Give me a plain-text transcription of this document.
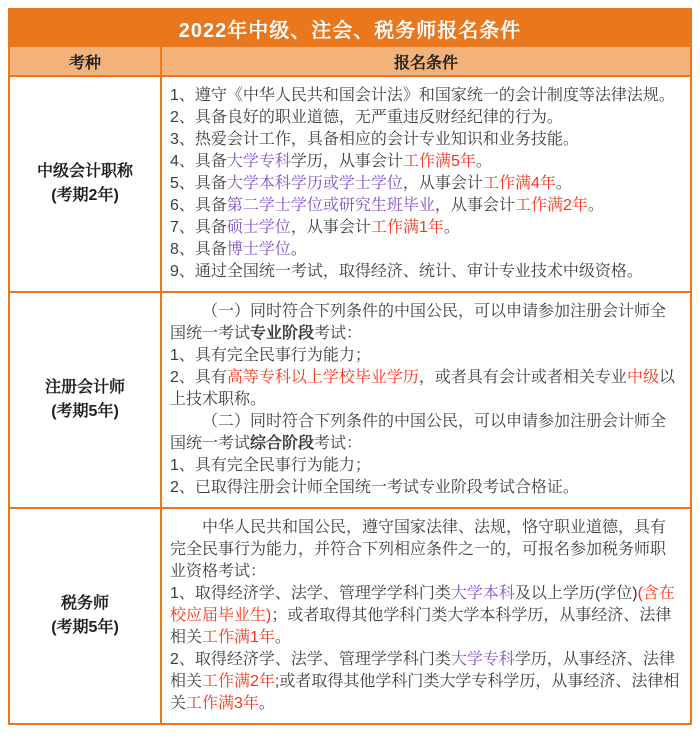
2022年中级、注会、税务师报名条件
考种	报名条件
中级会计职称
(考期2年)
1、遵守《中华人民共和国会计法》和国家统一的会计制度等法律法规。
2、具备良好的职业道德，无严重违反财经纪律的行为。
3、热爱会计工作，具备相应的会计专业知识和业务技能。
4、具备大学专科学历，从事会计工作满5年。
5、具备大学本科学历或学士学位，从事会计工作满4年。
6、具备第二学士学位或研究生班毕业，从事会计工作满2年。
7、具备硕士学位，从事会计工作满1年。
8、具备博士学位。
9、通过全国统一考试，取得经济、统计、审计专业技术中级资格。
注册会计师
(考期5年)
（一）同时符合下列条件的中国公民，可以申请参加注册会计师全国统一考试专业阶段考试：
1、具有完全民事行为能力；
2、具有高等专科以上学校毕业学历，或者具有会计或者相关专业中级以上技术职称。
（二）同时符合下列条件的中国公民，可以申请参加注册会计师全国统一考试综合阶段考试：
1、具有完全民事行为能力；
2、已取得注册会计师全国统一考试专业阶段考试合格证。
税务师
(考期5年)
中华人民共和国公民，遵守国家法律、法规，恪守职业道德，具有完全民事行为能力，并符合下列相应条件之一的，可报名参加税务师职业资格考试：
1、取得经济学、法学、管理学学科门类大学本科及以上学历(学位)(含在校应届毕业生)；或者取得其他学科门类大学本科学历，从事经济、法律相关工作满1年。
2、取得经济学、法学、管理学学科门类大学专科学历，从事经济、法律相关工作满2年;或者取得其他学科门类大学专科学历，从事经济、法律相关工作满3年。
